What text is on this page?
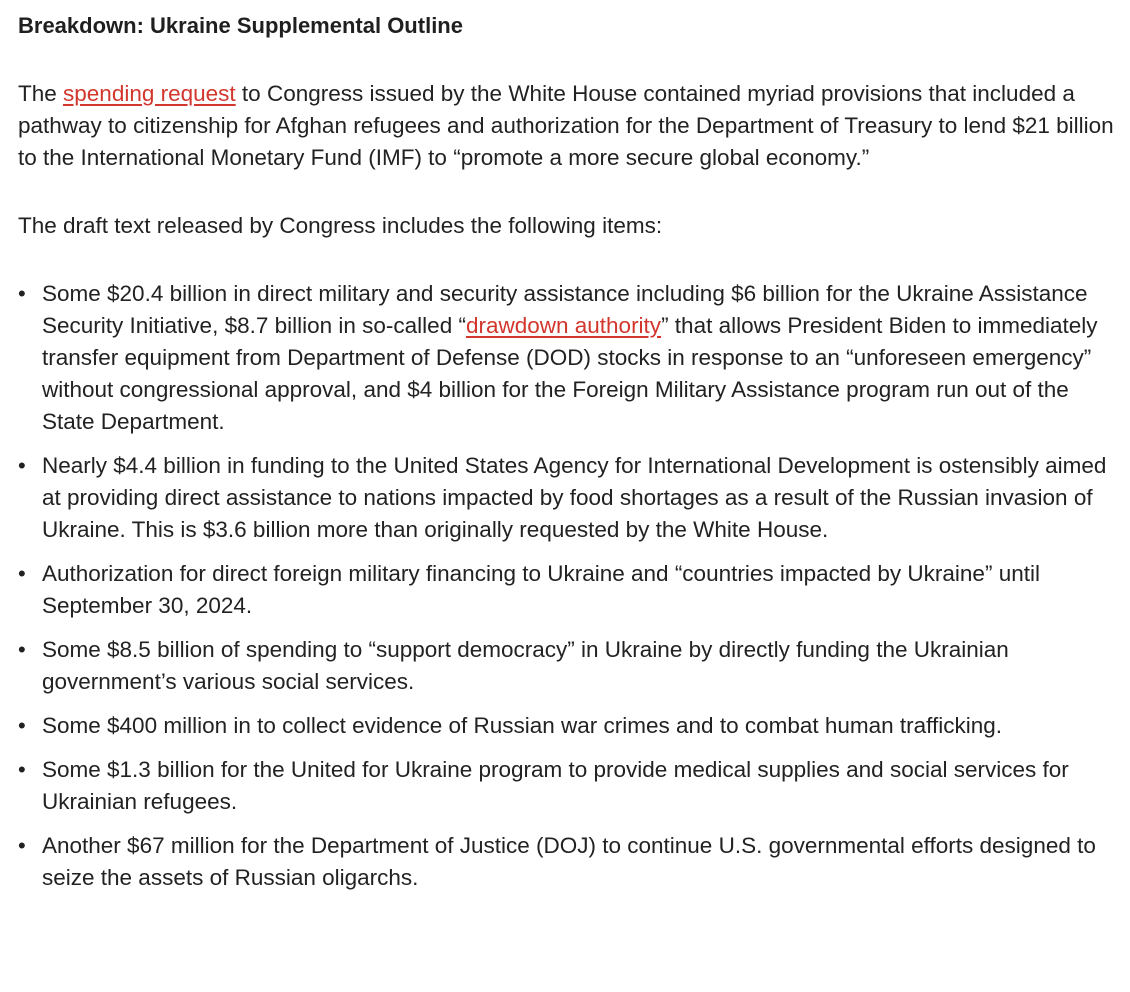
Breakdown: Ukraine Supplemental Outline

The spending request to Congress issued by the White House contained myriad provisions that included a pathway to citizenship for Afghan refugees and authorization for the Department of Treasury to lend $21 billion to the International Monetary Fund (IMF) to “promote a more secure global economy.”

The draft text released by Congress includes the following items:

• Some $20.4 billion in direct military and security assistance including $6 billion for the Ukraine Assistance Security Initiative, $8.7 billion in so-called “drawdown authority” that allows President Biden to immediately transfer equipment from Department of Defense (DOD) stocks in response to an “unforeseen emergency” without congressional approval, and $4 billion for the Foreign Military Assistance program run out of the State Department.
• Nearly $4.4 billion in funding to the United States Agency for International Development is ostensibly aimed at providing direct assistance to nations impacted by food shortages as a result of the Russian invasion of Ukraine. This is $3.6 billion more than originally requested by the White House.
• Authorization for direct foreign military financing to Ukraine and “countries impacted by Ukraine” until September 30, 2024.
• Some $8.5 billion of spending to “support democracy” in Ukraine by directly funding the Ukrainian government’s various social services.
• Some $400 million in to collect evidence of Russian war crimes and to combat human trafficking.
• Some $1.3 billion for the United for Ukraine program to provide medical supplies and social services for Ukrainian refugees.
• Another $67 million for the Department of Justice (DOJ) to continue U.S. governmental efforts designed to seize the assets of Russian oligarchs.
